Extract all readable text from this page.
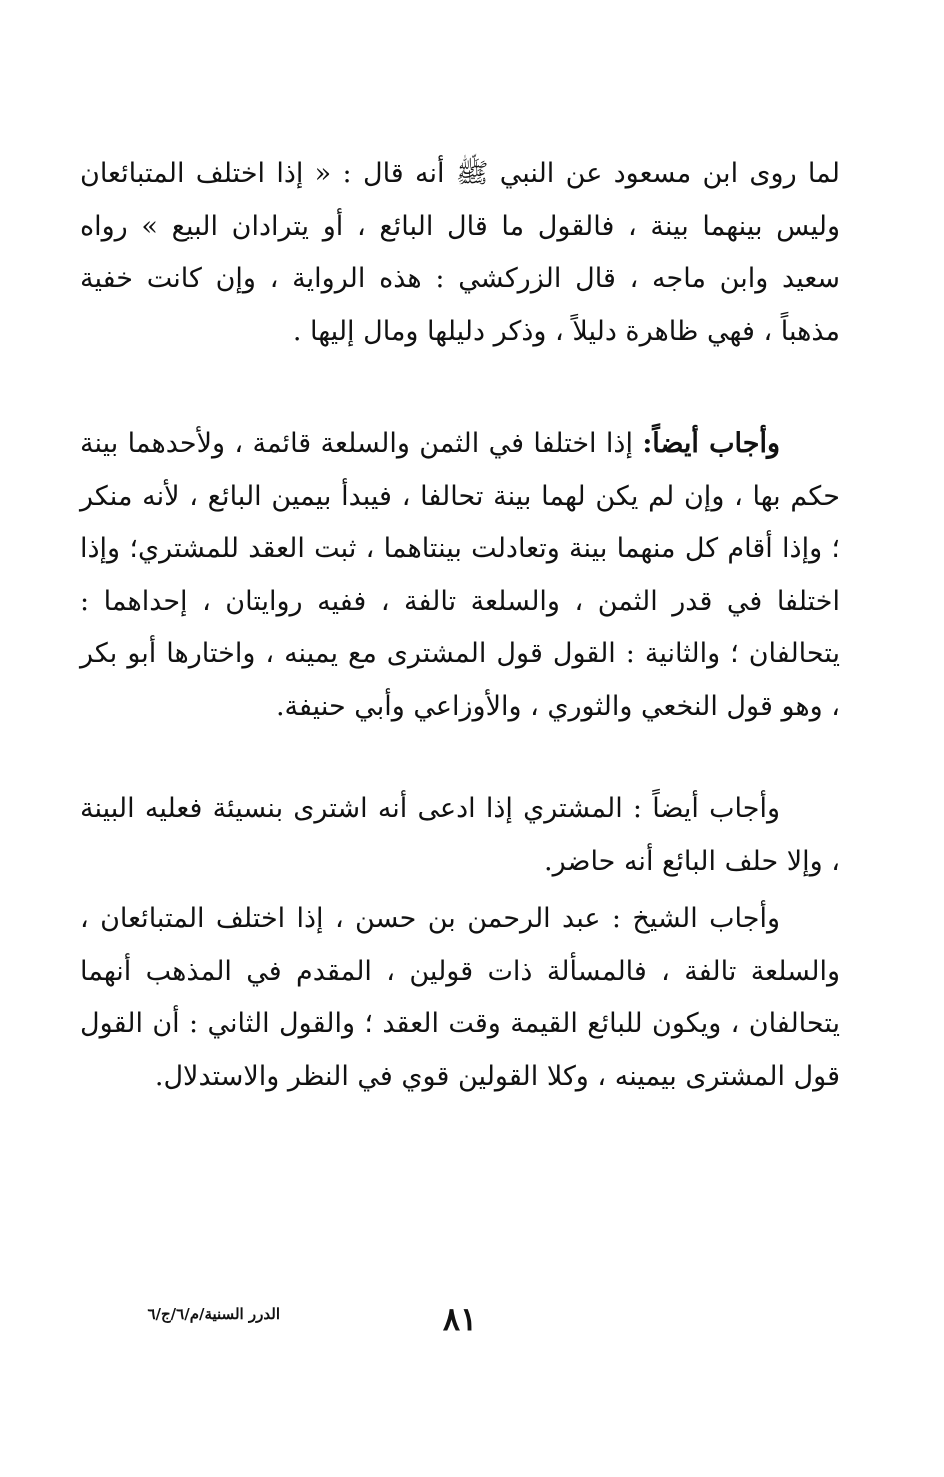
لما روى ابن مسعود عن النبي ﷺ أنه قال : « إذا اختلف المتبائعان وليس بينهما بينة ، فالقول ما قال البائع ، أو يترادان البيع » رواه سعيد وابن ماجه ، قال الزركشي : هذه الرواية ، وإن كانت خفية مذهباً ، فهي ظاهرة دليلاً ، وذكر دليلها ومال إليها .
وأجاب أيضاً: إذا اختلفا في الثمن والسلعة قائمة ، ولأحدهما بينة حكم بها ، وإن لم يكن لهما بينة تحالفا ، فيبدأ بيمين البائع ، لأنه منكر ؛ وإذا أقام كل منهما بينة وتعادلت بينتاهما ، ثبت العقد للمشتري؛ وإذا اختلفا في قدر الثمن ، والسلعة تالفة ، ففيه روايتان ، إحداهما : يتحالفان ؛ والثانية : القول قول المشترى مع يمينه ، واختارها أبو بكر ، وهو قول النخعي والثوري ، والأوزاعي وأبي حنيفة.
وأجاب أيضاً : المشتري إذا ادعى أنه اشترى بنسيئة فعليه البينة ، وإلا حلف البائع أنه حاضر.
وأجاب الشيخ : عبد الرحمن بن حسن ، إذا اختلف المتبائعان ، والسلعة تالفة ، فالمسألة ذات قولين ، المقدم في المذهب أنهما يتحالفان ، ويكون للبائع القيمة وقت العقد ؛ والقول الثاني : أن القول قول المشترى بيمينه ، وكلا القولين قوي في النظر والاستدلال.
٨١
الدرر السنية/م/٦/ج/٦
